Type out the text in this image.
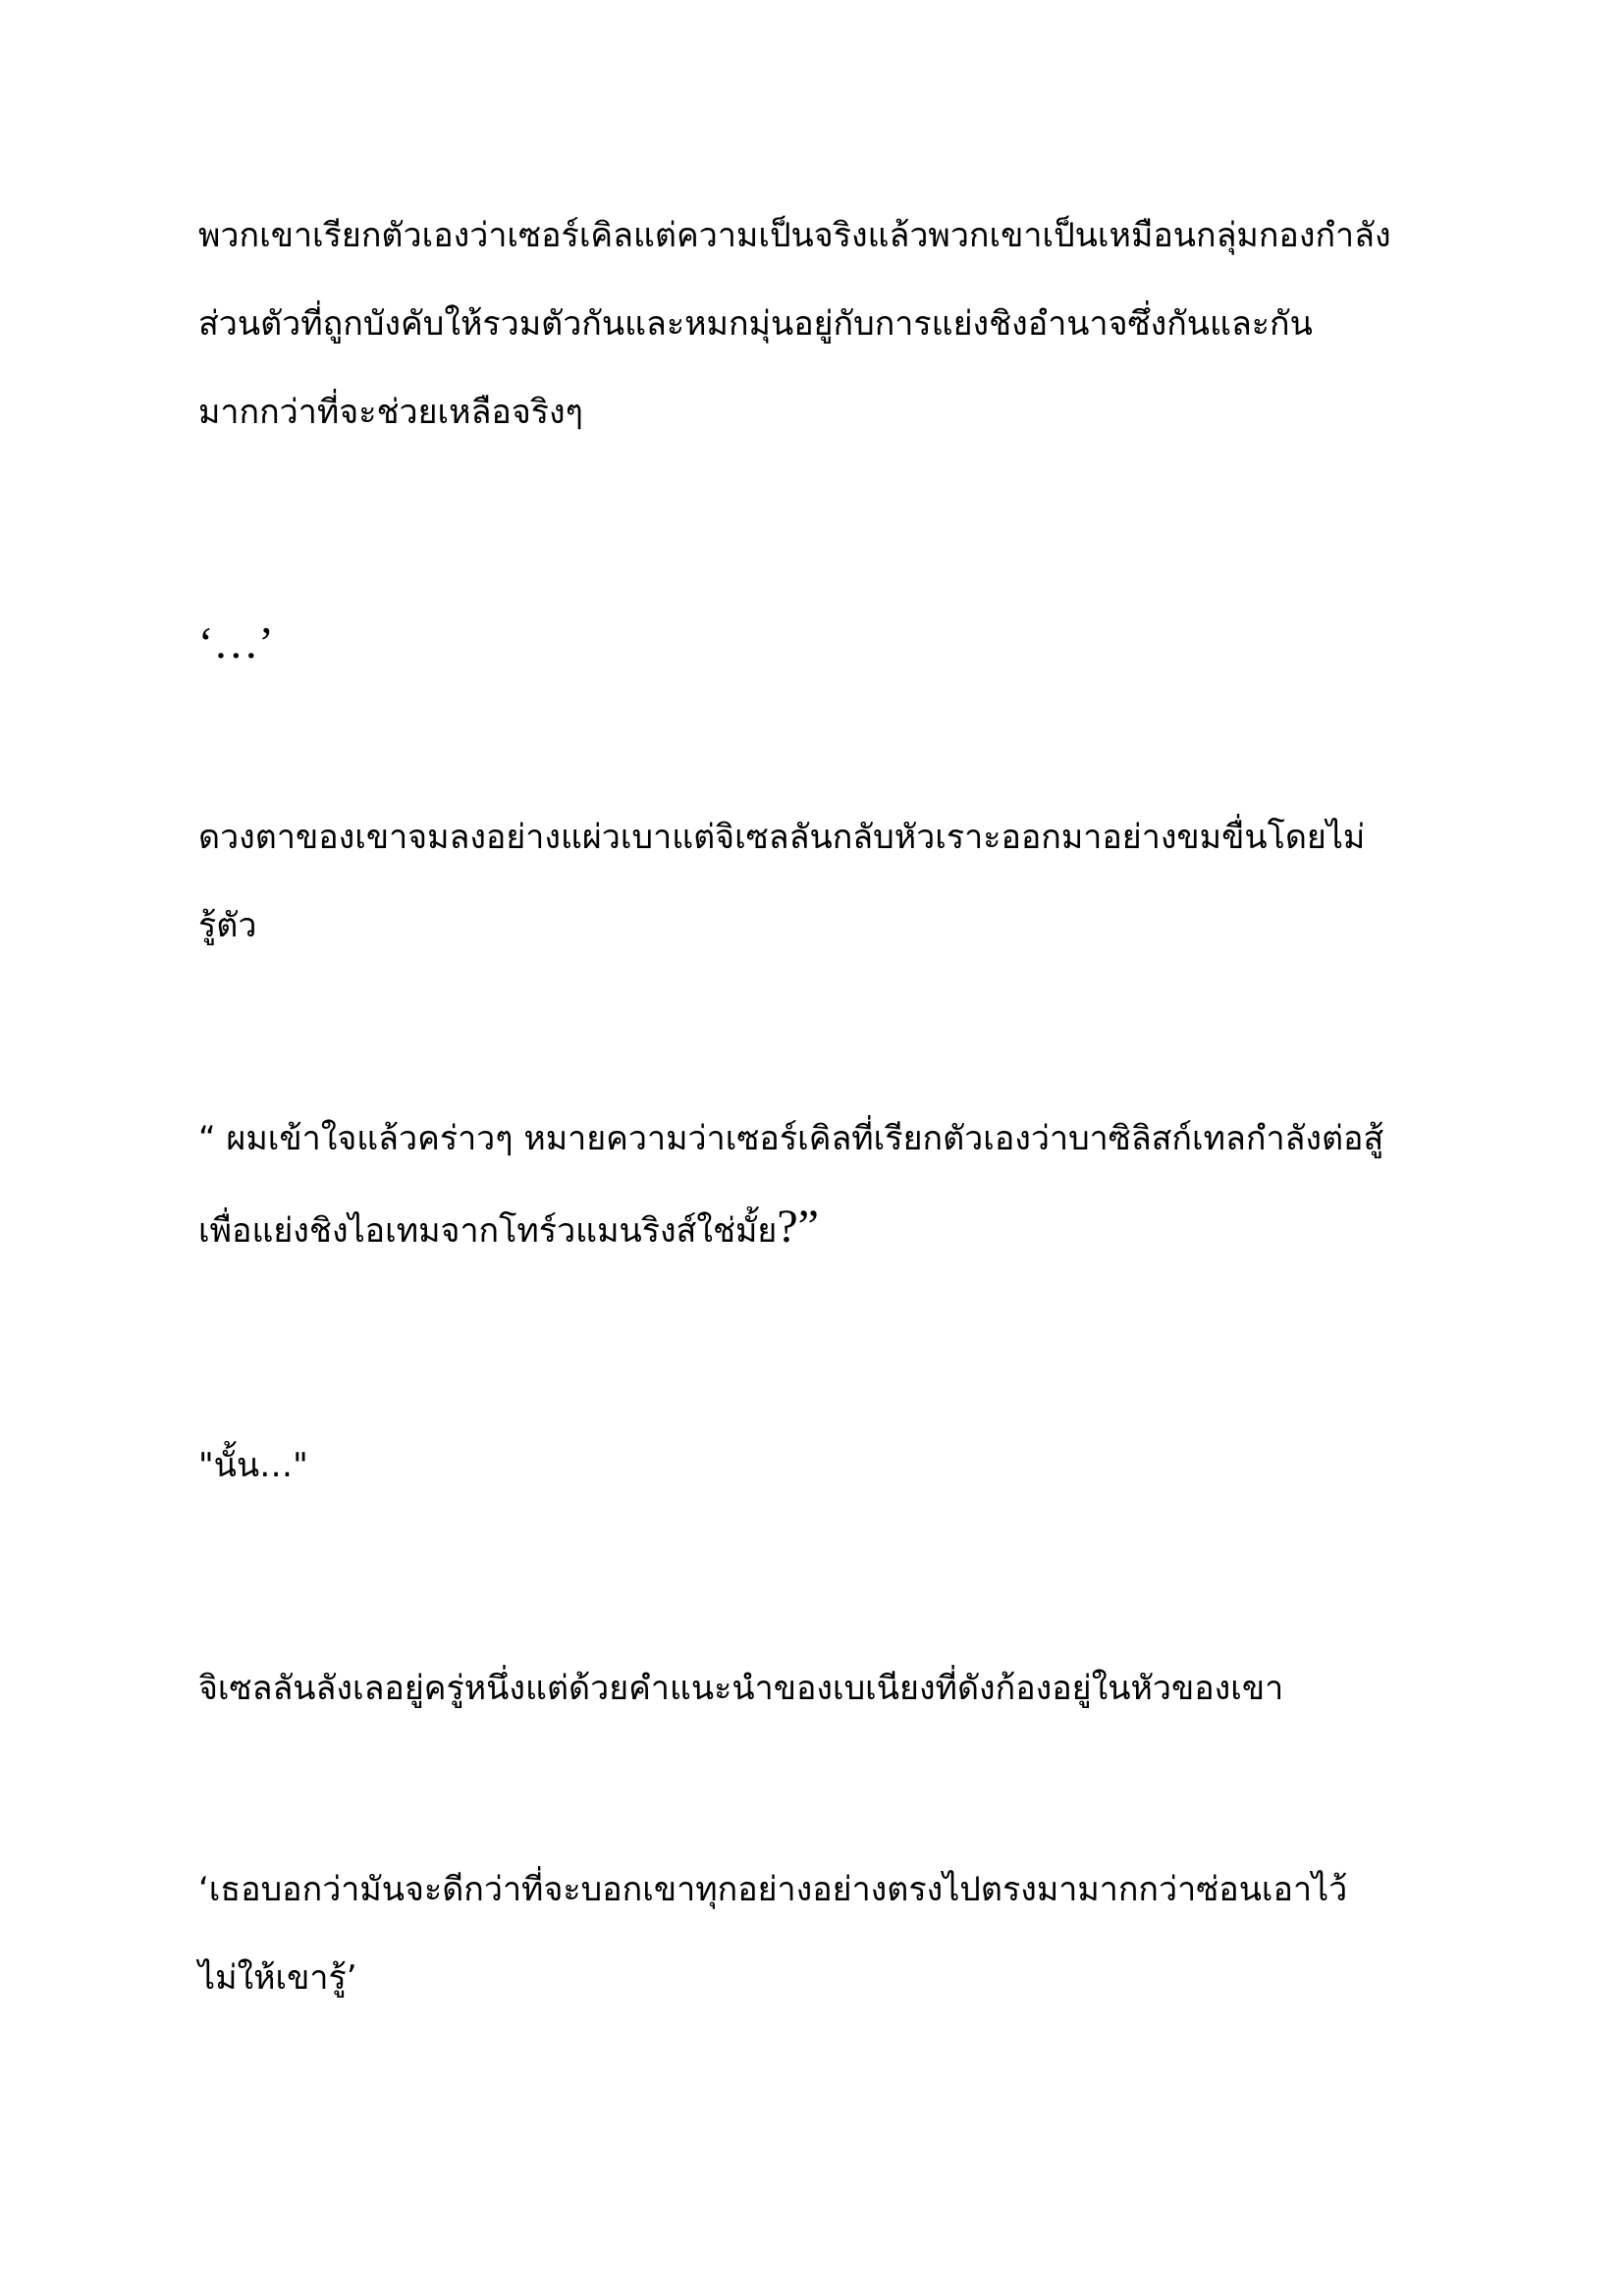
พวกเขาเรียกตัวเองว่าเซอร์เคิลแต่ความเป็นจริงแล้วพวกเขาเป็นเหมือนกลุ่มกองกำลัง
ส่วนตัวที่ถูกบังคับให้รวมตัวกันและหมกมุ่นอยู่กับการแย่งชิงอำนาจซึ่งกันและกัน
มากกว่าที่จะช่วยเหลือจริงๆ

‘…’

ดวงตาของเขาจมลงอย่างแผ่วเบาแต่จิเซลลันกลับหัวเราะออกมาอย่างขมขื่นโดยไม่
รู้ตัว

“ ผมเข้าใจแล้วคร่าวๆ หมายความว่าเซอร์เคิลที่เรียกตัวเองว่าบาซิลิสก์เทลกำลังต่อสู้
เพื่อแย่งชิงไอเทมจากโทร์วแมนริงส์ใช่มั้ย?”

"นั้น…"

จิเซลลันลังเลอยู่ครู่หนึ่งแต่ด้วยคำแนะนำของเบเนียงที่ดังก้องอยู่ในหัวของเขา

‘เธอบอกว่ามันจะดีกว่าที่จะบอกเขาทุกอย่างอย่างตรงไปตรงมามากกว่าซ่อนเอาไว้
ไม่ให้เขารู้’
